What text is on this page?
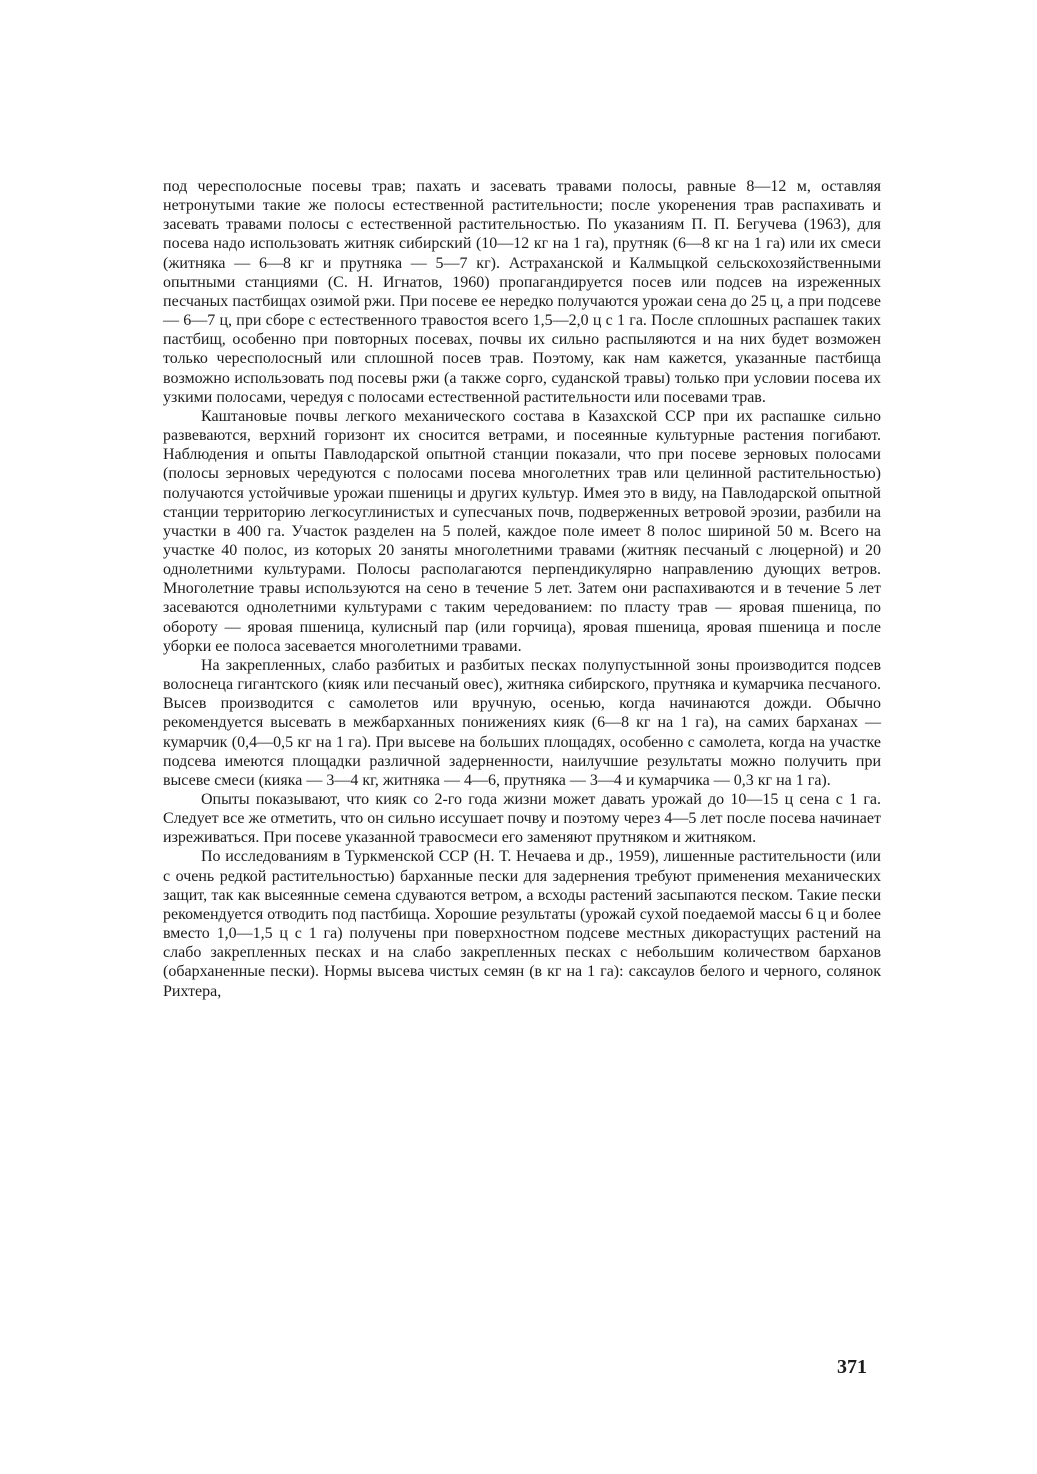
под чересполосные посевы трав; пахать и засевать травами полосы, равные 8—12 м, оставляя нетронутыми такие же полосы естественной растительности; после укоренения трав распахивать и засевать травами полосы с естественной растительностью. По указаниям П. П. Бегучева (1963), для посева надо использовать житняк сибирский (10—12 кг на 1 га), прутняк (6—8 кг на 1 га) или их смеси (житняка — 6—8 кг и прутняка — 5—7 кг). Астраханской и Калмыцкой сельскохозяйственными опытными станциями (С. Н. Игнатов, 1960) пропагандируется посев или подсев на изреженных песчаных пастбищах озимой ржи. При посеве ее нередко получаются урожаи сена до 25 ц, а при подсеве — 6—7 ц, при сборе с естественного травостоя всего 1,5—2,0 ц с 1 га. После сплошных распашек таких пастбищ, особенно при повторных посевах, почвы их сильно распыляются и на них будет возможен только чересполосный или сплошной посев трав. Поэтому, как нам кажется, указанные пастбища возможно использовать под посевы ржи (а также сорго, суданской травы) только при условии посева их узкими полосами, чередуя с полосами естественной растительности или посевами трав.

Каштановые почвы легкого механического состава в Казахской ССР при их распашке сильно развеваются, верхний горизонт их сносится ветрами, и посеянные культурные растения погибают. Наблюдения и опыты Павлодарской опытной станции показали, что при посеве зерновых полосами (полосы зерновых чередуются с полосами посева многолетних трав или целинной растительностью) получаются устойчивые урожаи пшеницы и других культур. Имея это в виду, на Павлодарской опытной станции территорию легкосуглинистых и супесчаных почв, подверженных ветровой эрозии, разбили на участки в 400 га. Участок разделен на 5 полей, каждое поле имеет 8 полос шириной 50 м. Всего на участке 40 полос, из которых 20 заняты многолетними травами (житняк песчаный с люцерной) и 20 однолетними культурами. Полосы располагаются перпендикулярно направлению дующих ветров. Многолетние травы используются на сено в течение 5 лет. Затем они распахиваются и в течение 5 лет засеваются однолетними культурами с таким чередованием: по пласту трав — яровая пшеница, по обороту — яровая пшеница, кулисный пар (или горчица), яровая пшеница, яровая пшеница и после уборки ее полоса засевается многолетними травами.

На закрепленных, слабо разбитых и разбитых песках полупустынной зоны производится подсев волоснеца гигантского (кияк или песчаный овес), житняка сибирского, прутняка и кумарчика песчаного. Высев производится с самолетов или вручную, осенью, когда начинаются дожди. Обычно рекомендуется высевать в межбарханных понижениях кияк (6—8 кг на 1 га), на самих барханах — кумарчик (0,4—0,5 кг на 1 га). При высеве на больших площадях, особенно с самолета, когда на участке подсева имеются площадки различной задерненности, наилучшие результаты можно получить при высеве смеси (кияка — 3—4 кг, житняка — 4—6, прутняка — 3—4 и кумарчика — 0,3 кг на 1 га).

Опыты показывают, что кияк со 2-го года жизни может давать урожай до 10—15 ц сена с 1 га. Следует все же отметить, что он сильно иссушает почву и поэтому через 4—5 лет после посева начинает изреживаться. При посеве указанной травосмеси его заменяют прутняком и житняком.

По исследованиям в Туркменской ССР (Н. Т. Нечаева и др., 1959), лишенные растительности (или с очень редкой растительностью) барханные пески для задернения требуют применения механических защит, так как высеянные семена сдуваются ветром, а всходы растений засыпаются песком. Такие пески рекомендуется отводить под пастбища. Хорошие результаты (урожай сухой поедаемой массы 6 ц и более вместо 1,0—1,5 ц с 1 га) получены при поверхностном подсеве местных дикорастущих растений на слабо закрепленных песках и на слабо закрепленных песках с небольшим количеством барханов (обарханенные пески). Нормы высева чистых семян (в кг на 1 га): саксаулов белого и черного, солянок Рихтера,

371
